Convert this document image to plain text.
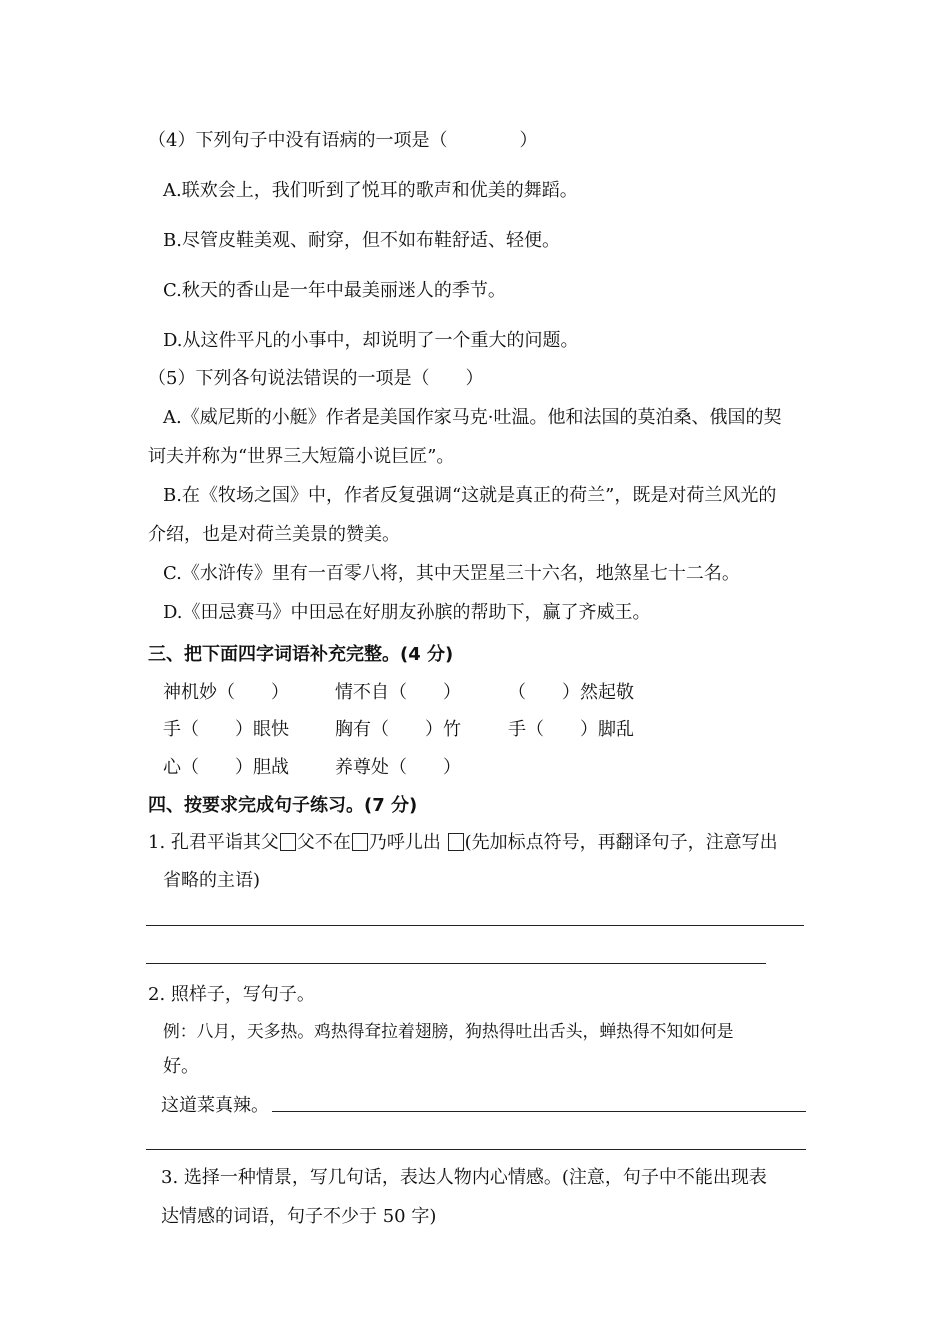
（4）下列句子中没有语病的一项是（　　　　）
A.联欢会上，我们听到了悦耳的歌声和优美的舞蹈。
B.尽管皮鞋美观、耐穿，但不如布鞋舒适、轻便。
C.秋天的香山是一年中最美丽迷人的季节。
D.从这件平凡的小事中，却说明了一个重大的问题。
（5）下列各句说法错误的一项是（　　）
A.《威尼斯的小艇》作者是美国作家马克·吐温。他和法国的莫泊桑、俄国的契
诃夫并称为“世界三大短篇小说巨匠”。
B.在《牧场之国》中，作者反复强调“这就是真正的荷兰”，既是对荷兰风光的
介绍，也是对荷兰美景的赞美。
C.《水浒传》里有一百零八将，其中天罡星三十六名，地煞星七十二名。
D.《田忌赛马》中田忌在好朋友孙膑的帮助下，赢了齐威王。
三、把下面四字词语补充完整。(4 分)
神机妙（　　）	情不自（　　）	（　　）然起敬
手（　　）眼快	胸有（　　）竹	手（　　）脚乱
心（　　）胆战	养尊处（　　）
四、按要求完成句子练习。(7 分)
1. 孔君平诣其父 父不在 乃呼儿出 (先加标点符号，再翻译句子，注意写出
省略的主语)
2. 照样子，写句子。
例：八月，天多热。鸡热得耷拉着翅膀，狗热得吐出舌头，蝉热得不知如何是
好。
这道菜真辣。
3. 选择一种情景，写几句话，表达人物内心情感。(注意，句子中不能出现表
达情感的词语，句子不少于 50 字)
